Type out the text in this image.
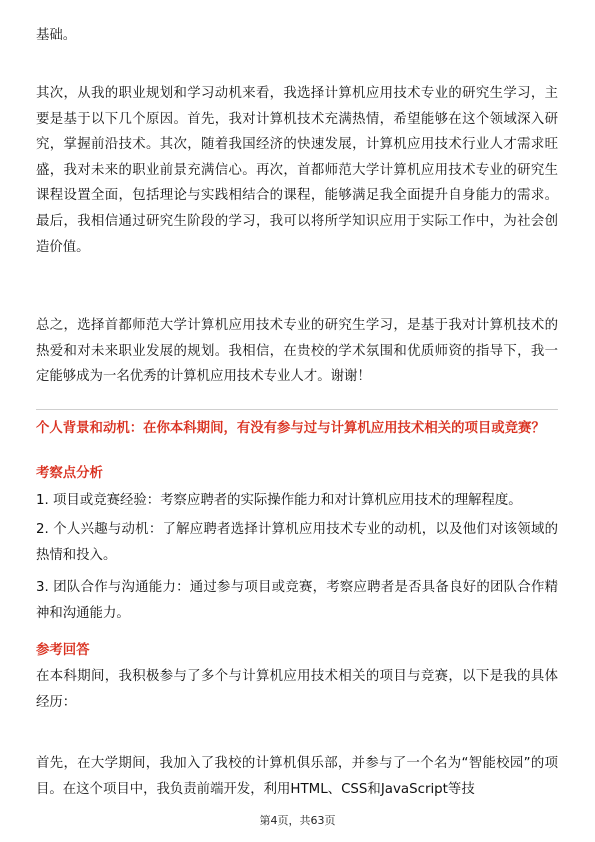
基础。

其次，从我的职业规划和学习动机来看，我选择计算机应用技术专业的研究生学习，主要是基于以下几个原因。首先，我对计算机技术充满热情，希望能够在这个领域深入研究，掌握前沿技术。其次，随着我国经济的快速发展，计算机应用技术行业人才需求旺盛，我对未来的职业前景充满信心。再次，首都师范大学计算机应用技术专业的研究生课程设置全面，包括理论与实践相结合的课程，能够满足我全面提升自身能力的需求。最后，我相信通过研究生阶段的学习，我可以将所学知识应用于实际工作中，为社会创造价值。

总之，选择首都师范大学计算机应用技术专业的研究生学习，是基于我对计算机技术的热爱和对未来职业发展的规划。我相信，在贵校的学术氛围和优质师资的指导下，我一定能够成为一名优秀的计算机应用技术专业人才。谢谢！

个人背景和动机：在你本科期间，有没有参与过与计算机应用技术相关的项目或竞赛？

考察点分析

1. 项目或竞赛经验：考察应聘者的实际操作能力和对计算机应用技术的理解程度。

2. 个人兴趣与动机：了解应聘者选择计算机应用技术专业的动机，以及他们对该领域的热情和投入。

3. 团队合作与沟通能力：通过参与项目或竞赛，考察应聘者是否具备良好的团队合作精神和沟通能力。

参考回答

在本科期间，我积极参与了多个与计算机应用技术相关的项目与竞赛，以下是我的具体经历：

首先，在大学期间，我加入了我校的计算机俱乐部，并参与了一个名为“智能校园”的项目。在这个项目中，我负责前端开发，利用HTML、CSS和JavaScript等技

第4页，共63页
